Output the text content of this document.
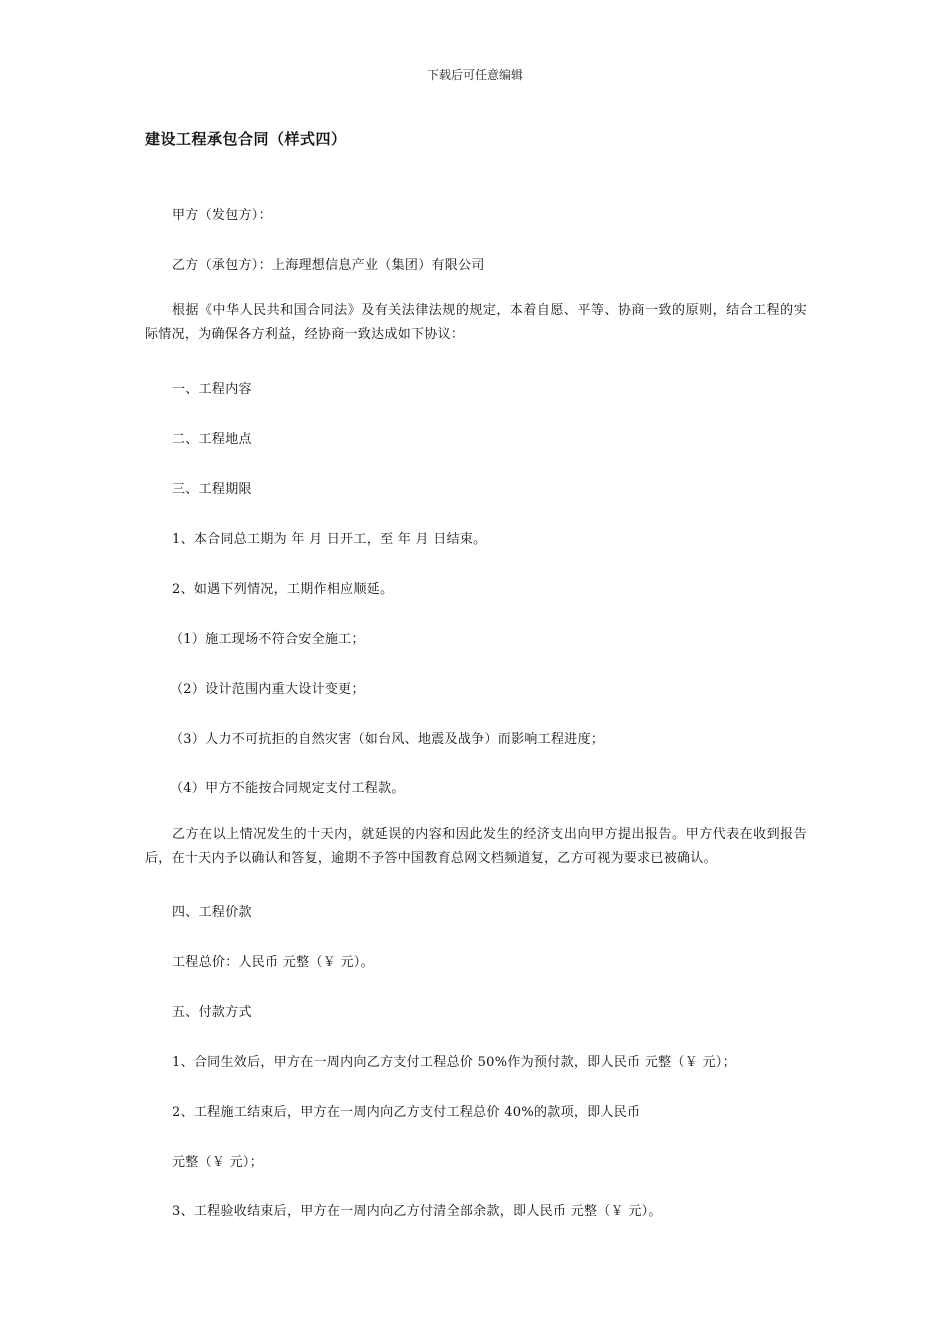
下载后可任意编辑
建设工程承包合同（样式四）
甲方（发包方）：
乙方（承包方）：上海理想信息产业（集团）有限公司
根据《中华人民共和国合同法》及有关法律法规的规定，本着自愿、平等、协商一致的原则，结合工程的实际情况，为确保各方利益，经协商一致达成如下协议：
一、工程内容
二、工程地点
三、工程期限
1、本合同总工期为 年 月 日开工，至 年 月 日结束。
2、如遇下列情况，工期作相应顺延。
（1）施工现场不符合安全施工；
（2）设计范围内重大设计变更；
（3）人力不可抗拒的自然灾害（如台风、地震及战争）而影响工程进度；
（4）甲方不能按合同规定支付工程款。
乙方在以上情况发生的十天内，就延误的内容和因此发生的经济支出向甲方提出报告。甲方代表在收到报告后，在十天内予以确认和答复，逾期不予答中国教育总网文档频道复，乙方可视为要求已被确认。
四、工程价款
工程总价：人民币 元整（￥ 元）。
五、付款方式
1、合同生效后，甲方在一周内向乙方支付工程总价 50%作为预付款，即人民币 元整（￥ 元）；
2、工程施工结束后，甲方在一周内向乙方支付工程总价 40%的款项，即人民币
元整（￥ 元）；
3、工程验收结束后，甲方在一周内向乙方付清全部余款，即人民币 元整（￥ 元）。
